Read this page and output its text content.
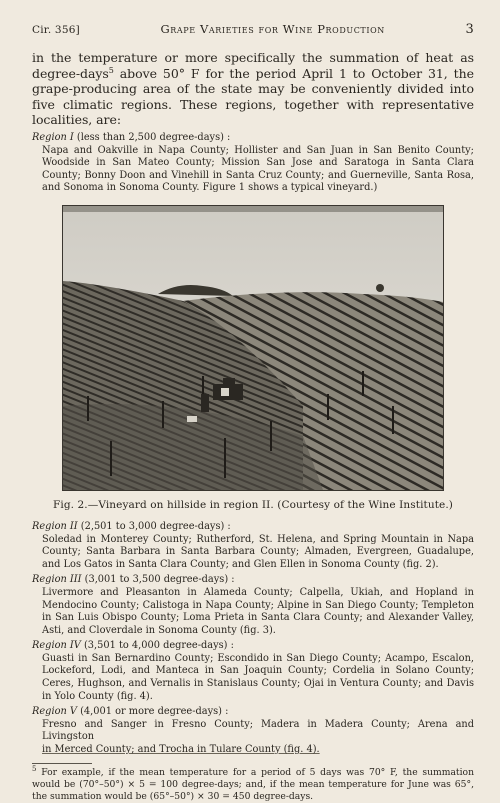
Cir. 356]	Grape Varieties for Wine Production	3
in the temperature or more specifically the summation of heat as degree-days$^5$ above 50° F for the period April 1 to October 31, the grape-producing area of the state may be conveniently divided into five climatic regions. These regions, together with representative localities, are:
Region I (less than 2,500 degree-days) :
Napa and Oakville in Napa County; Hollister and San Juan in San Benito County; Woodside in San Mateo County; Mission San Jose and Saratoga in Santa Clara County; Bonny Doon and Vinehill in Santa Cruz County; and Guerneville, Santa Rosa, and Sonoma in Sonoma County. Figure 1 shows a typical vineyard.)
Fig. 2.—Vineyard on hillside in region II. (Courtesy of the Wine Institute.)
Region II (2,501 to 3,000 degree-days) :
Soledad in Monterey County; Rutherford, St. Helena, and Spring Mountain in Napa County; Santa Barbara in Santa Barbara County; Almaden, Evergreen, Guadalupe, and Los Gatos in Santa Clara County; and Glen Ellen in Sonoma County (fig. 2).
Region III (3,001 to 3,500 degree-days) :
Livermore and Pleasanton in Alameda County; Calpella, Ukiah, and Hopland in Mendocino County; Calistoga in Napa County; Alpine in San Diego County; Templeton in San Luis Obispo County; Loma Prieta in Santa Clara County; and Alexander Valley, Asti, and Cloverdale in Sonoma County (fig. 3).
Region IV (3,501 to 4,000 degree-days) :
Guasti in San Bernardino County; Escondido in San Diego County; Acampo, Escalon, Lockeford, Lodi, and Manteca in San Joaquin County; Cordelia in Solano County; Ceres, Hughson, and Vernalis in Stanislaus County; Ojai in Ventura County; and Davis in Yolo County (fig. 4).
Region V (4,001 or more degree-days) :
Fresno and Sanger in Fresno County; Madera in Madera County; Arena and Livingston
in Merced County; and Trocha in Tulare County (fig. 4).
$^5$ For example, if the mean temperature for a period of 5 days was 70° F, the summation would be (70°–50°) × 5 = 100 degree-days; and, if the mean temperature for June was 65°, the summation would be (65°–50°) × 30 = 450 degree-days.
